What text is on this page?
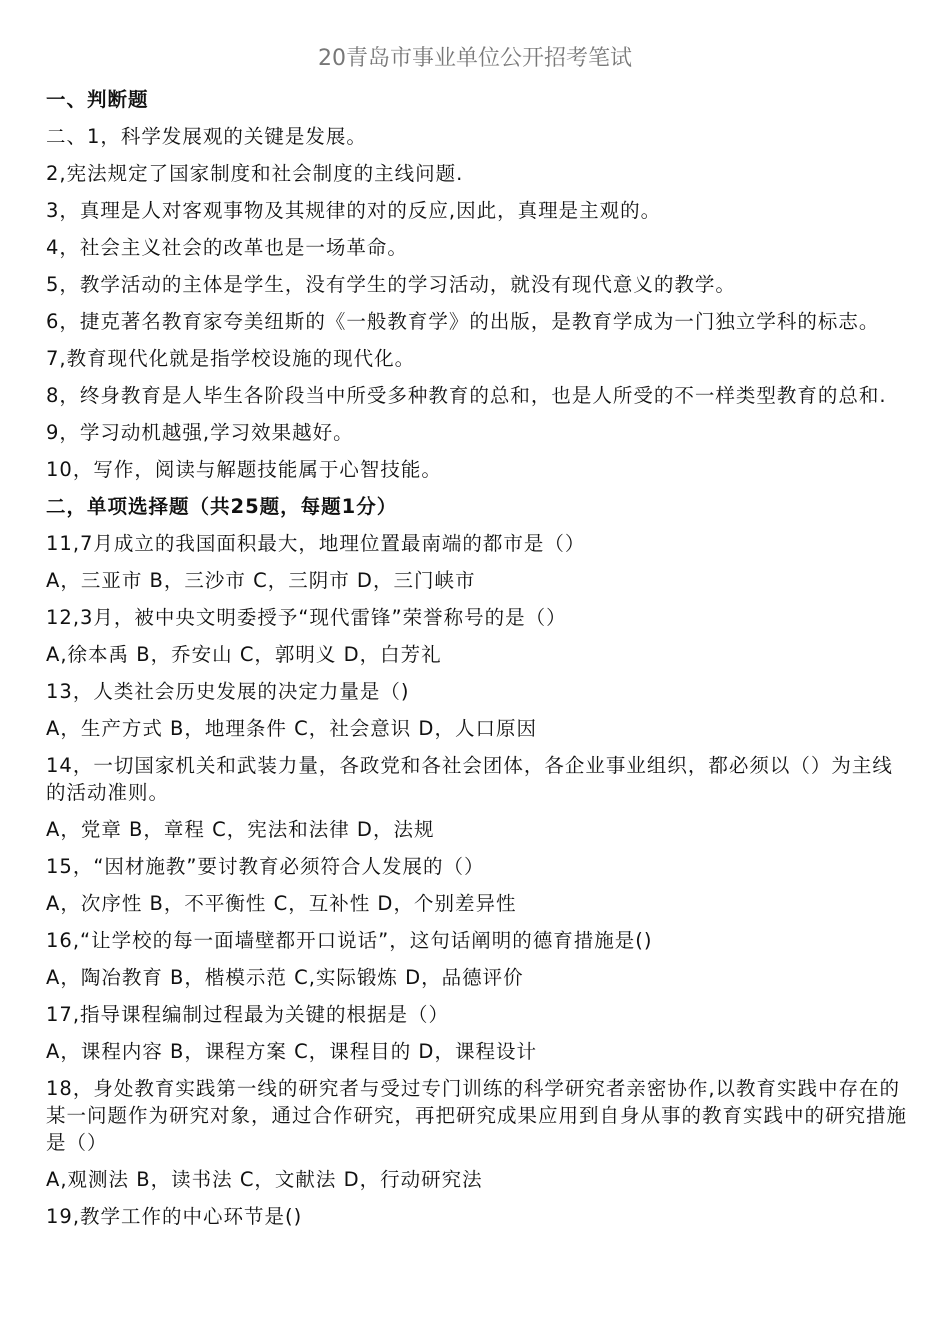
20青岛市事业单位公开招考笔试
一、判断题
二、1，科学发展观的关键是发展。
2,宪法规定了国家制度和社会制度的主线问题.
3，真理是人对客观事物及其规律的对的反应,因此，真理是主观的。
4，社会主义社会的改革也是一场革命。
5，教学活动的主体是学生，没有学生的学习活动，就没有现代意义的教学。
6，捷克著名教育家夸美纽斯的《一般教育学》的出版，是教育学成为一门独立学科的标志。
7,教育现代化就是指学校设施的现代化。
8，终身教育是人毕生各阶段当中所受多种教育的总和，也是人所受的不一样类型教育的总和.
9，学习动机越强,学习效果越好。
10，写作，阅读与解题技能属于心智技能。
二，单项选择题（共25题，每题1分）
11,7月成立的我国面积最大，地理位置最南端的都市是（）
A，三亚市 B，三沙市 C，三阴市 D，三门峡市
12,3月，被中央文明委授予“现代雷锋”荣誉称号的是（）
A,徐本禹 B，乔安山 C，郭明义 D，白芳礼
13，人类社会历史发展的决定力量是（)
A，生产方式 B，地理条件 C，社会意识 D，人口原因
14，一切国家机关和武装力量，各政党和各社会团体，各企业事业组织，都必须以（）为主线的活动准则。
A，党章 B，章程 C，宪法和法律 D，法规
15，“因材施教”要讨教育必须符合人发展的（）
A，次序性 B，不平衡性 C，互补性 D，个别差异性
16,“让学校的每一面墙壁都开口说话”，这句话阐明的德育措施是()
A，陶冶教育 B，楷模示范 C,实际锻炼 D，品德评价
17,指导课程编制过程最为关键的根据是（）
A，课程内容 B，课程方案 C，课程目的 D，课程设计
18，身处教育实践第一线的研究者与受过专门训练的科学研究者亲密协作,以教育实践中存在的某一问题作为研究对象，通过合作研究，再把研究成果应用到自身从事的教育实践中的研究措施是（）
A,观测法 B，读书法 C，文献法 D，行动研究法
19,教学工作的中心环节是()
